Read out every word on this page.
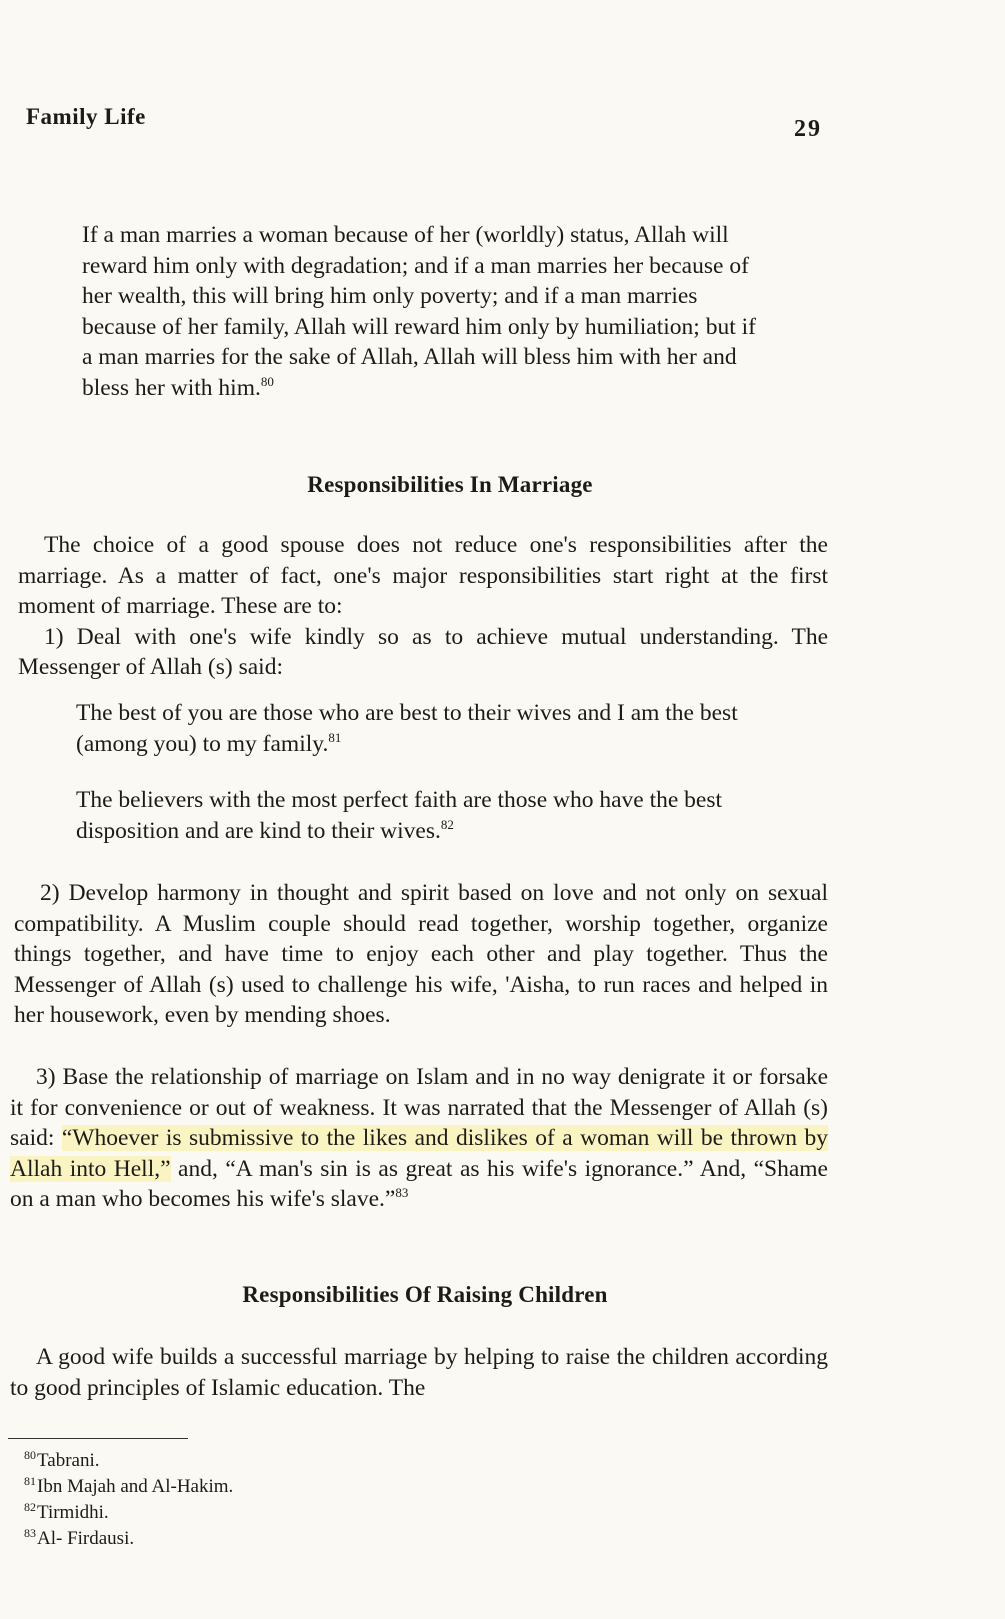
Family Life	29
If a man marries a woman because of her (worldly) status, Allah will reward him only with degradation; and if a man marries her because of her wealth, this will bring him only poverty; and if a man marries because of her family, Allah will reward him only by humiliation; but if a man marries for the sake of Allah, Allah will bless him with her and bless her with him.$^{80}$
Responsibilities In Marriage
The choice of a good spouse does not reduce one's responsibilities after the marriage. As a matter of fact, one's major responsibilities start right at the first moment of marriage. These are to:
1) Deal with one's wife kindly so as to achieve mutual understanding. The Messenger of Allah (s) said:
The best of you are those who are best to their wives and I am the best (among you) to my family.$^{81}$
The believers with the most perfect faith are those who have the best disposition and are kind to their wives.$^{82}$
2) Develop harmony in thought and spirit based on love and not only on sexual compatibility. A Muslim couple should read together, worship together, organize things together, and have time to enjoy each other and play together. Thus the Messenger of Allah (s) used to challenge his wife, 'Aisha, to run races and helped in her housework, even by mending shoes.
3) Base the relationship of marriage on Islam and in no way denigrate it or forsake it for convenience or out of weakness. It was narrated that the Messenger of Allah (s) said: “Whoever is submissive to the likes and dislikes of a woman will be thrown by Allah into Hell,” and, “A man's sin is as great as his wife's ignorance.” And, “Shame on a man who becomes his wife's slave.”$^{83}$
Responsibilities Of Raising Children
A good wife builds a successful marriage by helping to raise the children according to good principles of Islamic education. The
$^{80}$Tabrani.
$^{81}$Ibn Majah and Al-Hakim.
$^{82}$Tirmidhi.
$^{83}$Al- Firdausi.
